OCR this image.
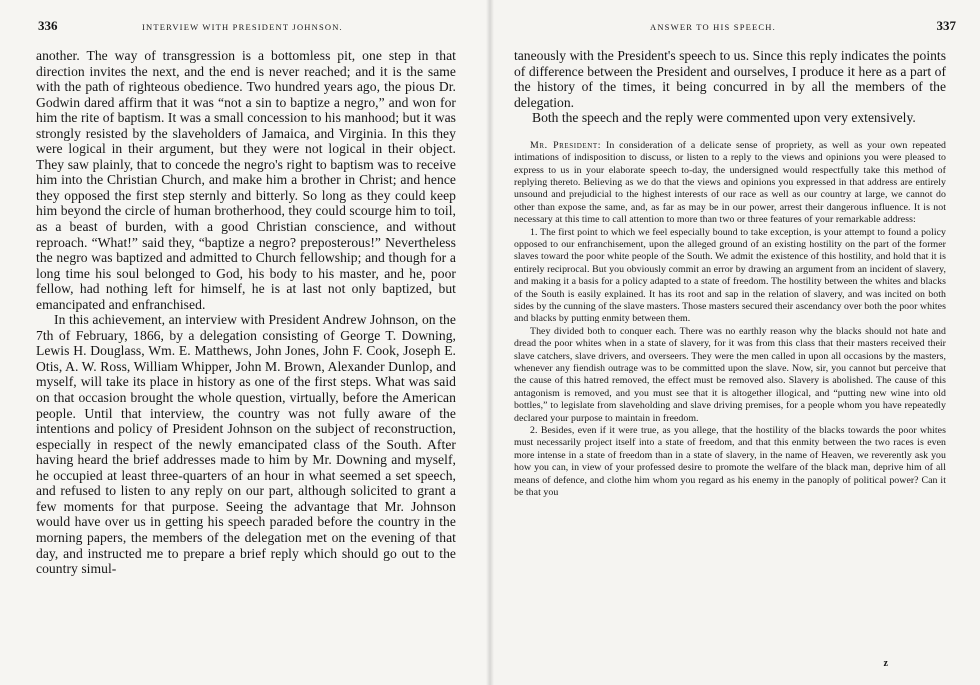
336	INTERVIEW WITH PRESIDENT JOHNSON.

another. The way of transgression is a bottomless pit, one step in that direction invites the next, and the end is never reached; and it is the same with the path of righteous obedience. Two hundred years ago, the pious Dr. Godwin dared affirm that it was “not a sin to baptize a negro,” and won for him the rite of baptism. It was a small concession to his manhood; but it was strongly resisted by the slaveholders of Jamaica, and Virginia. In this they were logical in their argument, but they were not logical in their object. They saw plainly, that to concede the negro's right to baptism was to receive him into the Christian Church, and make him a brother in Christ; and hence they opposed the first step sternly and bitterly. So long as they could keep him beyond the circle of human brotherhood, they could scourge him to toil, as a beast of burden, with a good Christian conscience, and without reproach. “What!” said they, “baptize a negro? preposterous!” Nevertheless the negro was baptized and admitted to Church fellowship; and though for a long time his soul belonged to God, his body to his master, and he, poor fellow, had nothing left for himself, he is at last not only baptized, but emancipated and enfranchised.

In this achievement, an interview with President Andrew Johnson, on the 7th of February, 1866, by a delegation consisting of George T. Downing, Lewis H. Douglass, Wm. E. Matthews, John Jones, John F. Cook, Joseph E. Otis, A. W. Ross, William Whipper, John M. Brown, Alexander Dunlop, and myself, will take its place in history as one of the first steps. What was said on that occasion brought the whole question, virtually, before the American people. Until that interview, the country was not fully aware of the intentions and policy of President Johnson on the subject of reconstruction, especially in respect of the newly emancipated class of the South. After having heard the brief addresses made to him by Mr. Downing and myself, he occupied at least three-quarters of an hour in what seemed a set speech, and refused to listen to any reply on our part, although solicited to grant a few moments for that purpose. Seeing the advantage that Mr. Johnson would have over us in getting his speech paraded before the country in the morning papers, the members of the delegation met on the evening of that day, and instructed me to prepare a brief reply which should go out to the country simul-

ANSWER TO HIS SPEECH.	337

taneously with the President's speech to us. Since this reply indicates the points of difference between the President and ourselves, I produce it here as a part of the history of the times, it being concurred in by all the members of the delegation.

Both the speech and the reply were commented upon very extensively.

Mr. President: In consideration of a delicate sense of propriety, as well as your own repeated intimations of indisposition to discuss, or listen to a reply to the views and opinions you were pleased to express to us in your elaborate speech to-day, the undersigned would respectfully take this method of replying thereto. Believing as we do that the views and opinions you expressed in that address are entirely unsound and prejudicial to the highest interests of our race as well as our country at large, we cannot do other than expose the same, and, as far as may be in our power, arrest their dangerous influence. It is not necessary at this time to call attention to more than two or three features of your remarkable address:

1. The first point to which we feel especially bound to take exception, is your attempt to found a policy opposed to our enfranchisement, upon the alleged ground of an existing hostility on the part of the former slaves toward the poor white people of the South. We admit the existence of this hostility, and hold that it is entirely reciprocal. But you obviously commit an error by drawing an argument from an incident of slavery, and making it a basis for a policy adapted to a state of freedom. The hostility between the whites and blacks of the South is easily explained. It has its root and sap in the relation of slavery, and was incited on both sides by the cunning of the slave masters. Those masters secured their ascendancy over both the poor whites and blacks by putting enmity between them.

They divided both to conquer each. There was no earthly reason why the blacks should not hate and dread the poor whites when in a state of slavery, for it was from this class that their masters received their slave catchers, slave drivers, and overseers. They were the men called in upon all occasions by the masters, whenever any fiendish outrage was to be committed upon the slave. Now, sir, you cannot but perceive that the cause of this hatred removed, the effect must be removed also. Slavery is abolished. The cause of this antagonism is removed, and you must see that it is altogether illogical, and “putting new wine into old bottles,” to legislate from slaveholding and slave driving premises, for a people whom you have repeatedly declared your purpose to maintain in freedom.

2. Besides, even if it were true, as you allege, that the hostility of the blacks towards the poor whites must necessarily project itself into a state of freedom, and that this enmity between the two races is even more intense in a state of freedom than in a state of slavery, in the name of Heaven, we reverently ask you how you can, in view of your professed desire to promote the welfare of the black man, deprive him of all means of defence, and clothe him whom you regard as his enemy in the panoply of political power? Can it be that you

z
